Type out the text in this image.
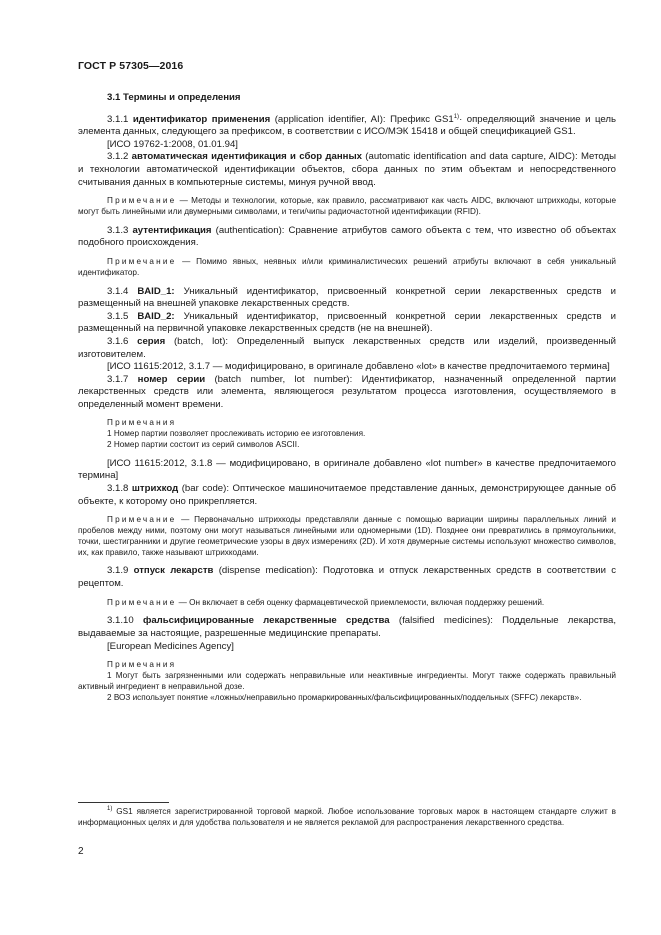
ГОСТ Р 57305—2016
3.1 Термины и определения

3.1.1 идентификатор применения (application identifier, AI): Префикс $GS1^{1)}\cdot$ определяющий значение и цель элемента данных, следующего за префиксом, в соответствии с ИСО/МЭК 15418 и общей спецификацией GS1.

[ИСО 19762-1:2008, 01.01.94]

3.1.2 автоматическая идентификация и сбор данных (automatic identification and data capture, AIDC): Методы и технологии автоматической идентификации объектов, сбора данных по этим объектам и непосредственного считывания данных в компьютерные системы, минуя ручной ввод.

Примечание — Методы и технологии, которые, как правило, рассматривают как часть AIDC, включают штрихкоды, которые могут быть линейными или двумерными символами, и теги/чипы радиочастотной идентификации (RFID).

3.1.3 аутентификация (authentication): Сравнение атрибутов самого объекта с тем, что известно об объектах подобного происхождения.

Примечание — Помимо явных, неявных и/или криминалистических решений атрибуты включают в себя уникальный идентификатор.

3.1.4 BAID_1: Уникальный идентификатор, присвоенный конкретной серии лекарственных средств и размещенный на внешней упаковке лекарственных средств.

3.1.5 BAID_2: Уникальный идентификатор, присвоенный конкретной серии лекарственных средств и размещенный на первичной упаковке лекарственных средств (не на внешней).

3.1.6 серия (batch, lot): Определенный выпуск лекарственных средств или изделий, произведенный изготовителем.

[ИСО 11615:2012, 3.1.7 — модифицировано, в оригинале добавлено «lot» в качестве предпочитаемого термина]

3.1.7 номер серии (batch number, lot number): Идентификатор, назначенный определенной партии лекарственных средств или элемента, являющегося результатом процесса изготовления, осуществляемого в определенный момент времени.

Примечания
1 Номер партии позволяет прослеживать историю ее изготовления.
2 Номер партии состоит из серий символов ASCII.

[ИСО 11615:2012, 3.1.8 — модифицировано, в оригинале добавлено «lot number» в качестве предпочитаемого термина]

3.1.8 штрихкод (bar code): Оптическое машиночитаемое представление данных, демонстрирующее данные об объекте, к которому оно прикрепляется.

Примечание — Первоначально штрихкоды представляли данные с помощью вариации ширины параллельных линий и пробелов между ними, поэтому они могут называться линейными или одномерными (1D). Позднее они превратились в прямоугольники, точки, шестигранники и другие геометрические узоры в двух измерениях (2D). И хотя двумерные системы используют множество символов, их, как правило, также называют штрихкодами.

3.1.9 отпуск лекарств (dispense medication): Подготовка и отпуск лекарственных средств в соответствии с рецептом.

Примечание — Он включает в себя оценку фармацевтической приемлемости, включая поддержку решений.

3.1.10 фальсифицированные лекарственные средства (falsified medicines): Поддельные лекарства, выдаваемые за настоящие, разрешенные медицинские препараты.

[European Medicines Agency]

Примечания
1 Могут быть загрязненными или содержать неправильные или неактивные ингредиенты. Могут также содержать правильный активный ингредиент в неправильной дозе.
2 ВОЗ использует понятие «ложных/неправильно промаркированных/фальсифицированных/поддельных (SFFC) лекарств».
$^{1)}$ GS1 является зарегистрированной торговой маркой. Любое использование торговых марок в настоящем стандарте служит в информационных целях и для удобства пользователя и не является рекламой для распространения лекарственного средства.
2
